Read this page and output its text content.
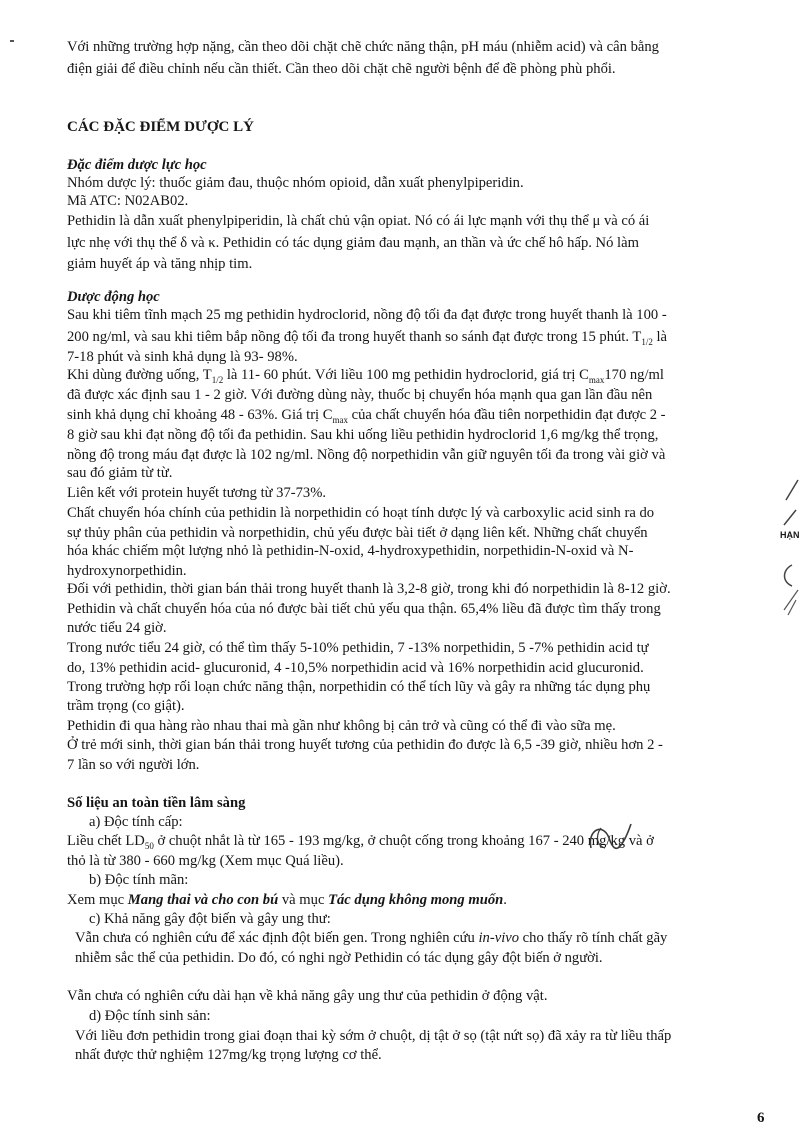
Với những trường hợp nặng, cần theo dõi chặt chẽ chức năng thận, pH máu (nhiễm acid) và cân bằng
điện giải để điều chỉnh nếu cần thiết. Cần theo dõi chặt chẽ người bệnh để đề phòng phù phổi.
CÁC ĐẶC ĐIỂM DƯỢC LÝ
Đặc điểm dược lực học
Nhóm dược lý: thuốc giảm đau, thuộc nhóm opioid, dẫn xuất phenylpiperidin.
Mã ATC: N02AB02.
Pethidin là dẫn xuất phenylpiperidin, là chất chủ vận opiat. Nó có ái lực mạnh với thụ thể μ và có ái
lực nhẹ với thụ thể δ và κ. Pethidin có tác dụng giảm đau mạnh, an thần và ức chế hô hấp. Nó làm
giảm huyết áp và tăng nhịp tim.
Dược động học
Sau khi tiêm tĩnh mạch 25 mg pethidin hydroclorid, nồng độ tối đa đạt được trong huyết thanh là 100 -
200 ng/ml, và sau khi tiêm bắp nồng độ tối đa trong huyết thanh so sánh đạt được trong 15 phút. $T_{1/2}$ là
7-18 phút và sinh khả dụng là 93- 98%.
Khi dùng đường uống, $T_{1/2}$ là 11- 60 phút. Với liều 100 mg pethidin hydroclorid, giá trị $C_{max}170$ ng/ml
đã được xác định sau 1 - 2 giờ. Với đường dùng này, thuốc bị chuyển hóa mạnh qua gan lần đầu nên
sinh khả dụng chỉ khoảng 48 - 63%. Giá trị $C_{max}$ của chất chuyển hóa đầu tiên norpethidin đạt được 2 -
8 giờ sau khi đạt nồng độ tối đa pethidin. Sau khi uống liều pethidin hydroclorid 1,6 mg/kg thể trọng,
nồng độ trong máu đạt được là 102 ng/ml. Nồng độ norpethidin vẫn giữ nguyên tối đa trong vài giờ và
sau đó giảm từ từ.
Liên kết với protein huyết tương từ 37-73%.
Chất chuyển hóa chính của pethidin là norpethidin có hoạt tính dược lý và carboxylic acid sinh ra do
sự thủy phân của pethidin và norpethidin, chủ yếu được bài tiết ở dạng liên kết. Những chất chuyển
hóa khác chiếm một lượng nhỏ là pethidin-N-oxid, 4-hydroxypethidin, norpethidin-N-oxid và N-
hydroxynorpethidin.
Đối với pethidin, thời gian bán thải trong huyết thanh là 3,2-8 giờ, trong khi đó norpethidin là 8-12 giờ.
Pethidin và chất chuyển hóa của nó được bài tiết chủ yếu qua thận. 65,4% liều đã được tìm thấy trong
nước tiểu 24 giờ.
Trong nước tiểu 24 giờ, có thể tìm thấy 5-10% pethidin, 7 -13% norpethidin, 5 -7% pethidin acid tự
do, 13% pethidin acid- glucuronid, 4 -10,5% norpethidin acid và 16% norpethidin acid glucuronid.
Trong trường hợp rối loạn chức năng thận, norpethidin có thể tích lũy và gây ra những tác dụng phụ
trầm trọng (co giật).
Pethidin đi qua hàng rào nhau thai mà gần như không bị cản trở và cũng có thể đi vào sữa mẹ.
Ở trẻ mới sinh, thời gian bán thải trong huyết tương của pethidin đo được là 6,5 -39 giờ, nhiều hơn 2 -
7 lần so với người lớn.
Số liệu an toàn tiền lâm sàng
a) Độc tính cấp:
Liều chết $LD_{50}$ ở chuột nhắt là từ 165 - 193 mg/kg, ở chuột cống trong khoảng 167 - 240 mg/kg và ở
thỏ là từ 380 - 660 mg/kg (Xem mục Quá liều).
b) Độc tính mãn:
Xem mục Mang thai và cho con bú và mục Tác dụng không mong muốn.
c) Khả năng gây đột biến và gây ung thư:
Vẫn chưa có nghiên cứu để xác định đột biến gen. Trong nghiên cứu in-vivo cho thấy rõ tính chất gãy
nhiễm sắc thể của pethidin. Do đó, có nghi ngờ Pethidin có tác dụng gây đột biến ở người.
Vẫn chưa có nghiên cứu dài hạn về khả năng gây ung thư của pethidin ở động vật.
d) Độc tính sinh sản:
Với liều đơn pethidin trong giai đoạn thai kỳ sớm ở chuột, dị tật ở sọ (tật nứt sọ) đã xảy ra từ liều thấp
nhất được thử nghiệm 127mg/kg trọng lượng cơ thể.
HẠN
6
